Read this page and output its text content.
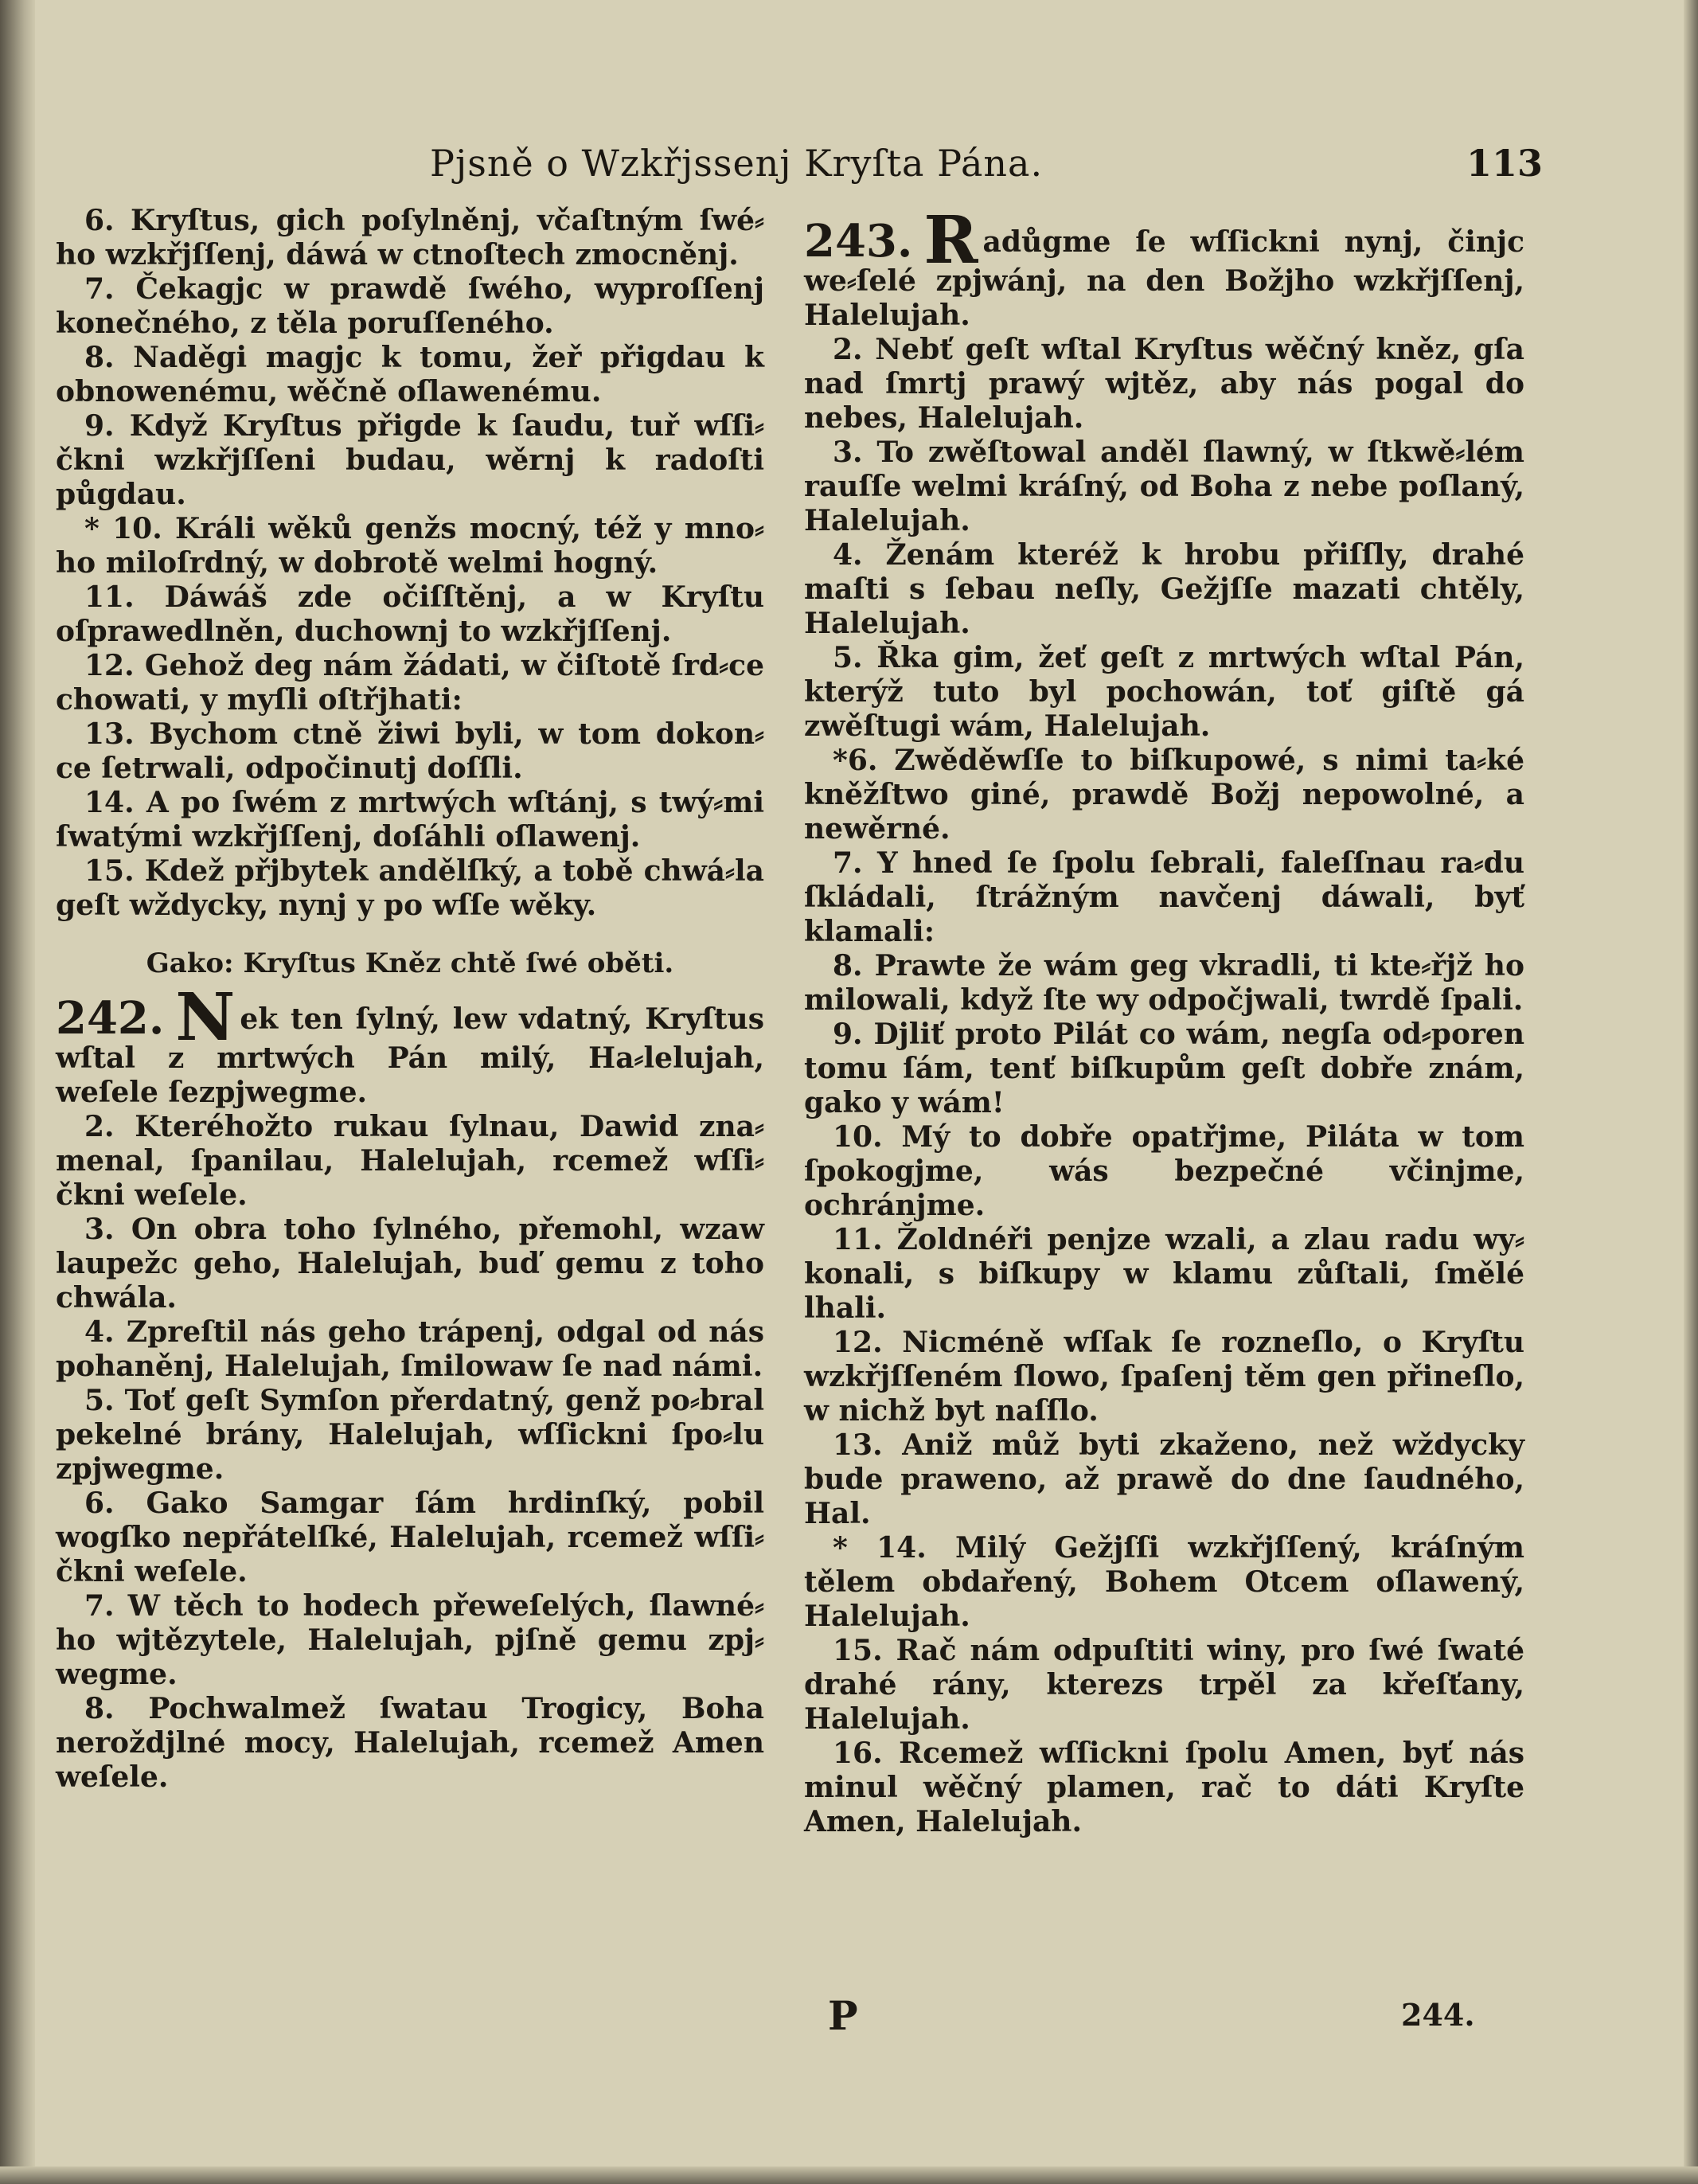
Pjsně o Wzkřjssenj Kryſta Pána.	113

6. Kryſtus, gich poſylněnj, včaſtným ſwé⸗ho wzkřjſſenj, dáwá w ctnoſtech zmocněnj.

7. Čekagjc w prawdě ſwého, wyproſſenj konečného, z těla poruſſeného.

8. Naděgi magjc k tomu, žeř přigdau k obnowenému, wěčně oſlawenému.

9. Když Kryſtus přigde k ſaudu, tuř wſſi⸗čkni wzkřjſſeni budau, wěrnj k radoſti půgdau.

* 10. Králi wěků genžs mocný, též y mno⸗ho miloſrdný, w dobrotě welmi hogný.

11. Dáwáš zde očiſſtěnj, a w Kryſtu oſprawedlněn, duchownj to wzkřjſſenj.

12. Gehož deg nám žádati, w čiſtotě ſrd⸗ce chowati, y myſli oſtřjhati:

13. Bychom ctně žiwi byli, w tom dokon⸗ce ſetrwali, odpočinutj doſſli.

14. A po ſwém z mrtwých wſtánj, s twý⸗mi ſwatými wzkřjſſenj, doſáhli oſlawenj.

15. Kdež přjbytek andělſký, a tobě chwá⸗la geſt wždycky, nynj y po wſſe wěky.

Gako: Kryſtus Kněz chtě ſwé oběti.

242. N ek ten ſylný, lew vdatný, Kryſtus wſtal z mrtwých Pán milý, Ha⸗lelujah, weſele ſezpjwegme.

2. Kteréhožto rukau ſylnau, Dawid zna⸗menal, ſpanilau, Halelujah, rcemež wſſi⸗čkni weſele.

3. On obra toho ſylného, přemohl, wzaw laupežc geho, Halelujah, buď gemu z toho chwála.

4. Zpreſtil nás geho trápenj, odgal od nás pohaněnj, Halelujah, ſmilowaw ſe nad námi.

5. Toť geſt Symſon přerdatný, genž po⸗bral pekelné brány, Halelujah, wſſickni ſpo⸗lu zpjwegme.

6. Gako Samgar ſám hrdinſký, pobil wogſko nepřátelſké, Halelujah, rcemež wſſi⸗čkni weſele.

7. W těch to hodech přeweſelých, ſlawné⸗ho wjtězytele, Halelujah, pjſně gemu zpj⸗wegme.

8. Pochwalmež ſwatau Trogicy, Boha neroždjlné mocy, Halelujah, rcemež Amen weſele.

243. R adůgme ſe wſſickni nynj, činjc we⸗ſelé zpjwánj, na den Božjho wzkřjſſenj, Halelujah.

2. Nebť geſt wſtal Kryſtus wěčný kněz, gſa nad ſmrtj prawý wjtěz, aby nás pogal do nebes, Halelujah.

3. To zwěſtowal anděl ſlawný, w ſtkwě⸗lém rauſſe welmi kráſný, od Boha z nebe poſlaný, Halelujah.

4. Ženám kteréž k hrobu přiſſly, drahé maſti s ſebau neſly, Gežjſſe mazati chtěly, Halelujah.

5. Řka gim, žeť geſt z mrtwých wſtal Pán, kterýž tuto byl pochowán, toť giſtě gá zwěſtugi wám, Halelujah.

*6. Zwěděwſſe to biſkupowé, s nimi ta⸗ké kněžſtwo giné, prawdě Božj nepowolné, a newěrné.

7. Y hned ſe ſpolu ſebrali, faleſſnau ra⸗du ſkládali, ſtrážným navčenj dáwali, byť klamali:

8. Prawte že wám geg vkradli, ti kte⸗řjž ho milowali, když ſte wy odpočjwali, twrdě ſpali.

9. Djliť proto Pilát co wám, negſa od⸗poren tomu ſám, tenť biſkupům geſt dobře znám, gako y wám!

10. Mý to dobře opatřjme, Piláta w tom ſpokogjme, wás bezpečné včinjme, ochránjme.

11. Žoldnéři penjze wzali, a zlau radu wy⸗konali, s biſkupy w klamu zůſtali, ſmělé lhali.

12. Nicméně wſſak ſe rozneſlo, o Kryſtu wzkřjſſeném ſlowo, ſpaſenj těm gen přineſlo, w nichž byt naſſlo.

13. Aniž můž byti zkaženo, než wždycky bude prawenо, až prawě do dne ſaudného, Hal.

* 14. Milý Gežjſſi wzkřjſſený, kráſným tělem obdařený, Bohem Otcem oſlawený, Halelujah.

15. Rač nám odpuſtiti winy, pro ſwé ſwaté drahé rány, kterezs trpěl za křeſťany, Halelujah.

16. Rcemež wſſickni ſpolu Amen, byť nás minul wěčný plamen, rač to dáti Kryſte Amen, Halelujah.

P	244.
